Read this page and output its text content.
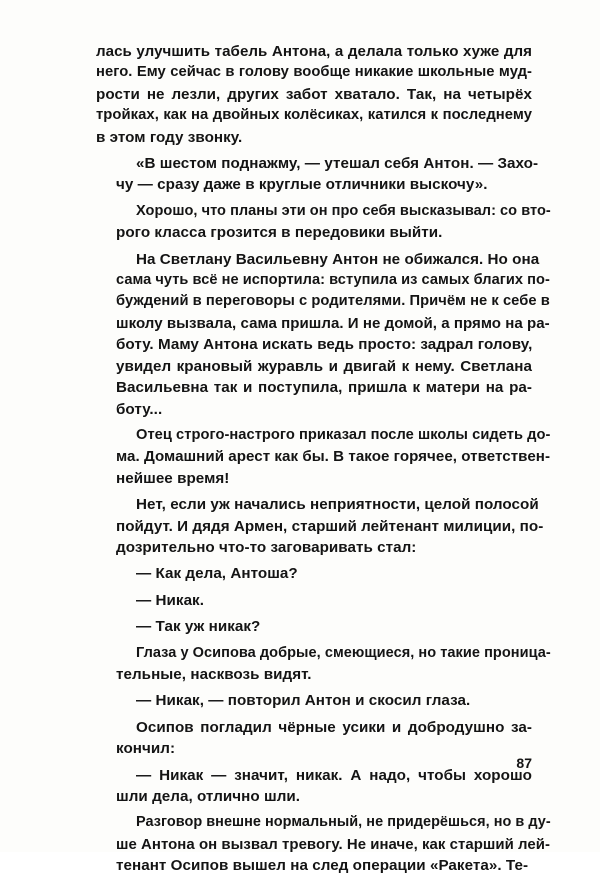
лась улучшить табель Антона, а делала только хуже для
него. Ему сейчас в голову вообще никакие школьные муд-
рости не лезли, других забот хватало. Так, на четырёх
тройках, как на двойных колёсиках, катился к последнему
в этом году звонку.
«В шестом поднажму, — утешал себя Антон. — Захо-
чу — сразу даже в круглые отличники выскочу».
Хорошо, что планы эти он про себя высказывал: со вто-
рого класса грозится в передовики выйти.
На Светлану Васильевну Антон не обижался. Но она
сама чуть всё не испортила: вступила из самых благих по-
буждений в переговоры с родителями. Причём не к себе в
школу вызвала, сама пришла. И не домой, а прямо на ра-
боту. Маму Антона искать ведь просто: задрал голову,
увидел крановый журавль и двигай к нему. Светлана
Васильевна так и поступила, пришла к матери на ра-
боту...
Отец строго-настрого приказал после школы сидеть до-
ма. Домашний арест как бы. В такое горячее, ответствен-
нейшее время!
Нет, если уж начались неприятности, целой полосой
пойдут. И дядя Армен, старший лейтенант милиции, по-
дозрительно что-то заговаривать стал:
— Как дела, Антоша?
— Никак.
— Так уж никак?
Глаза у Осипова добрые, смеющиеся, но такие проница-
тельные, насквозь видят.
— Никак, — повторил Антон и скосил глаза.
Осипов погладил чёрные усики и добродушно за-
кончил:
— Никак — значит, никак. А надо, чтобы хорошо
шли дела, отлично шли.
Разговор внешне нормальный, не придерёшься, но в ду-
ше Антона он вызвал тревогу. Не иначе, как старший лей-
тенант Осипов вышел на след операции «Ракета». Те-
87
